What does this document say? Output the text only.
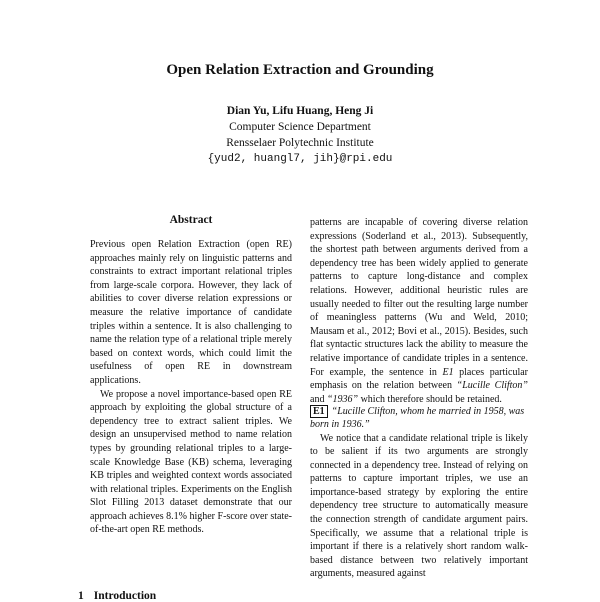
Open Relation Extraction and Grounding
Dian Yu, Lifu Huang, Heng Ji
Computer Science Department
Rensselaer Polytechnic Institute
{yud2, huangl7, jih}@rpi.edu
Abstract

Previous open Relation Extraction (open RE) approaches mainly rely on linguistic patterns and constraints to extract important relational triples from large-scale corpora. However, they lack of abilities to cover diverse relation expressions or measure the relative importance of candidate triples within a sentence. It is also challenging to name the relation type of a relational triple merely based on context words, which could limit the usefulness of open RE in downstream applications.

We propose a novel importance-based open RE approach by exploiting the global structure of a dependency tree to extract salient triples. We design an unsupervised method to name relation types by grounding relational triples to a large-scale Knowledge Base (KB) schema, leveraging KB triples and weighted context words associated with relational triples. Experiments on the English Slot Filling 2013 dataset demonstrate that our approach achieves 8.1% higher F-score over state-of-the-art open RE methods.

1 Introduction

patterns are incapable of covering diverse relation expressions (Soderland et al., 2013). Subsequently, the shortest path between arguments derived from a dependency tree has been widely applied to generate patterns to capture long-distance and complex relations. However, additional heuristic rules are usually needed to filter out the resulting large number of meaningless patterns (Wu and Weld, 2010; Mausam et al., 2012; Bovi et al., 2015). Besides, such flat syntactic structures lack the ability to measure the relative importance of candidate triples in a sentence. For example, the sentence in E1 places particular emphasis on the relation between “Lucille Clifton” and “1936” which therefore should be retained.

E1 “Lucille Clifton, whom he married in 1958, was born in 1936.”

We notice that a candidate relational triple is likely to be salient if its two arguments are strongly connected in a dependency tree. Instead of relying on patterns to capture important triples, we use an importance-based strategy by exploring the entire dependency tree structure to automatically measure the connection strength of candidate argument pairs. Specifically, we assume that a relational triple is important if there is a relatively short random walk-based distance between two relatively important arguments, measured against
